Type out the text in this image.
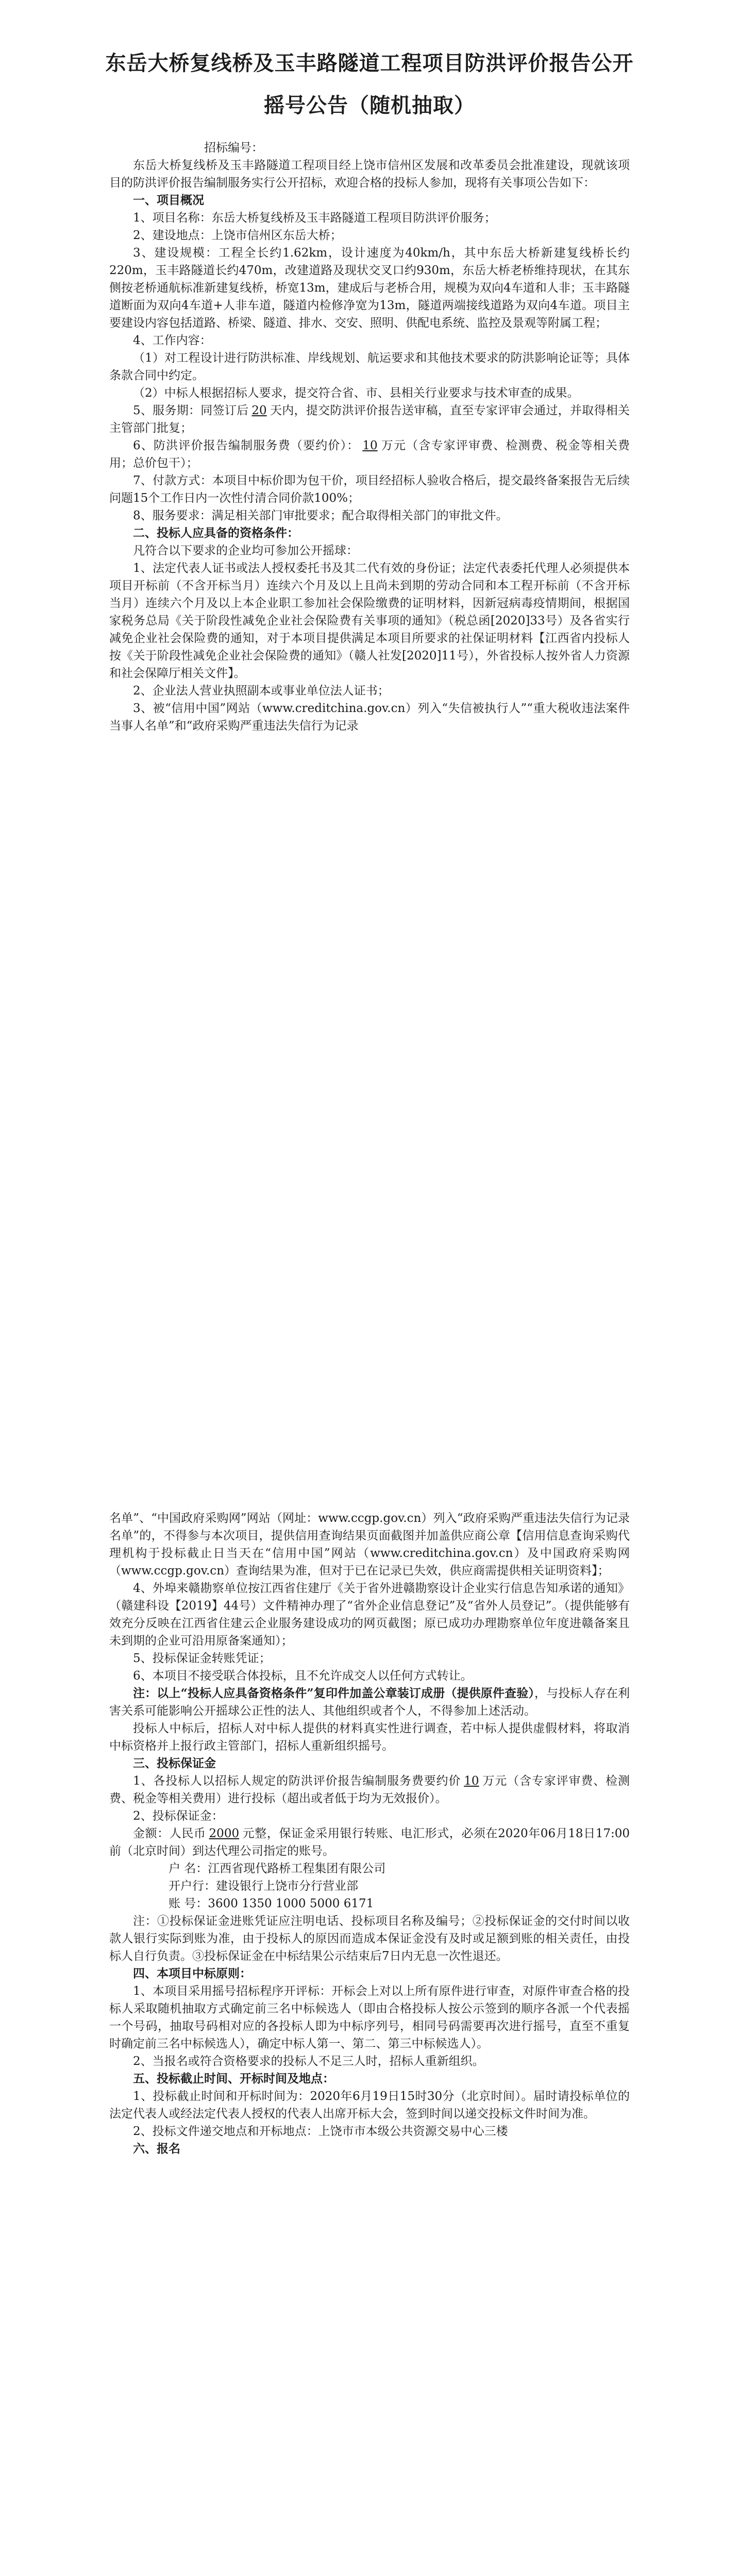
东岳大桥复线桥及玉丰路隧道工程项目防洪评价报告公开
摇号公告（随机抽取）

招标编号：

东岳大桥复线桥及玉丰路隧道工程项目经上饶市信州区发展和改革委员会批准建设，现就该项目的防洪评价报告编制服务实行公开招标，欢迎合格的投标人参加，现将有关事项公告如下：

一、项目概况

1、项目名称：东岳大桥复线桥及玉丰路隧道工程项目防洪评价服务；

2、建设地点：上饶市信州区东岳大桥；

3、建设规模：工程全长约1.62km，设计速度为40km/h，其中东岳大桥新建复线桥长约220m，玉丰路隧道长约470m，改建道路及现状交叉口约930m，东岳大桥老桥维持现状，在其东侧按老桥通航标准新建复线桥，桥宽13m，建成后与老桥合用，规模为双向4车道和人非；玉丰路隧道断面为双向4车道+人非车道，隧道内检修净宽为13m，隧道两端接线道路为双向4车道。项目主要建设内容包括道路、桥梁、隧道、排水、交安、照明、供配电系统、监控及景观等附属工程；

4、工作内容：

（1）对工程设计进行防洪标准、岸线规划、航运要求和其他技术要求的防洪影响论证等；具体条款合同中约定。

（2）中标人根据招标人要求，提交符合省、市、县相关行业要求与技术审查的成果。

5、服务期：同签订后 20 天内，提交防洪评价报告送审稿，直至专家评审会通过，并取得相关主管部门批复；

6、防洪评价报告编制服务费（要约价）： 10 万元（含专家评审费、检测费、税金等相关费用；总价包干）；

7、付款方式：本项目中标价即为包干价，项目经招标人验收合格后，提交最终备案报告无后续问题15个工作日内一次性付清合同价款100%；

8、服务要求：满足相关部门审批要求；配合取得相关部门的审批文件。

二、投标人应具备的资格条件：

凡符合以下要求的企业均可参加公开摇球：

1、法定代表人证书或法人授权委托书及其二代有效的身份证；法定代表委托代理人必须提供本项目开标前（不含开标当月）连续六个月及以上且尚未到期的劳动合同和本工程开标前（不含开标当月）连续六个月及以上本企业职工参加社会保险缴费的证明材料，因新冠病毒疫情期间，根据国家税务总局《关于阶段性减免企业社会保险费有关事项的通知》（税总函[2020]33号）及各省实行减免企业社会保险费的通知，对于本项目提供满足本项目所要求的社保证明材料【江西省内投标人按《关于阶段性减免企业社会保险费的通知》（赣人社发[2020]11号），外省投标人按外省人力资源和社会保障厅相关文件】。

2、企业法人营业执照副本或事业单位法人证书；

3、被“信用中国”网站（www.creditchina.gov.cn）列入“失信被执行人”“重大税收违法案件当事人名单”和“政府采购严重违法失信行为记录

名单”、“中国政府采购网”网站（网址：www.ccgp.gov.cn）列入“政府采购严重违法失信行为记录名单”的，不得参与本次项目，提供信用查询结果页面截图并加盖供应商公章【信用信息查询采购代理机构于投标截止日当天在“信用中国”网站（www.creditchina.gov.cn）及中国政府采购网（www.ccgp.gov.cn）查询结果为准，但对于已在记录已失效，供应商需提供相关证明资料】；

4、外埠来赣勘察单位按江西省住建厅《关于省外进赣勘察设计企业实行信息告知承诺的通知》（赣建科设【2019】44号）文件精神办理了“省外企业信息登记”及“省外人员登记”。（提供能够有效充分反映在江西省住建云企业服务建设成功的网页截图；原已成功办理勘察单位年度进赣备案且未到期的企业可沿用原备案通知）；

5、投标保证金转账凭证；

6、本项目不接受联合体投标，且不允许成交人以任何方式转让。

注：以上“投标人应具备资格条件”复印件加盖公章装订成册（提供原件查验），与投标人存在利害关系可能影响公开摇球公正性的法人、其他组织或者个人，不得参加上述活动。

投标人中标后，招标人对中标人提供的材料真实性进行调查，若中标人提供虚假材料，将取消中标资格并上报行政主管部门，招标人重新组织摇号。

三、投标保证金

1、各投标人以招标人规定的防洪评价报告编制服务费要约价 10 万元（含专家评审费、检测费、税金等相关费用）进行投标（超出或者低于均为无效报价）。

2、投标保证金：

金额：人民币 2000 元整，保证金采用银行转账、电汇形式，必须在2020年06月18日17:00前（北京时间）到达代理公司指定的账号。

户 名：江西省现代路桥工程集团有限公司

开户行：建设银行上饶市分行营业部

账 号：3600 1350 1000 5000 6171

注：①投标保证金进账凭证应注明电话、投标项目名称及编号；②投标保证金的交付时间以收款人银行实际到账为准，由于投标人的原因而造成本保证金没有及时或足额到账的相关责任，由投标人自行负责。③投标保证金在中标结果公示结束后7日内无息一次性退还。

四、本项目中标原则：

1、本项目采用摇号招标程序开评标：开标会上对以上所有原件进行审查，对原件审查合格的投标人采取随机抽取方式确定前三名中标候选人（即由合格投标人按公示签到的顺序各派一个代表摇一个号码，抽取号码相对应的各投标人即为中标序列号，相同号码需要再次进行摇号，直至不重复时确定前三名中标候选人），确定中标人第一、第二、第三中标候选人）。

2、当报名或符合资格要求的投标人不足三人时，招标人重新组织。

五、投标截止时间、开标时间及地点：

1、投标截止时间和开标时间为：2020年6月19日15时30分（北京时间）。届时请投标单位的法定代表人或经法定代表人授权的代表人出席开标大会，签到时间以递交投标文件时间为准。

2、投标文件递交地点和开标地点：上饶市市本级公共资源交易中心三楼

六、报名
